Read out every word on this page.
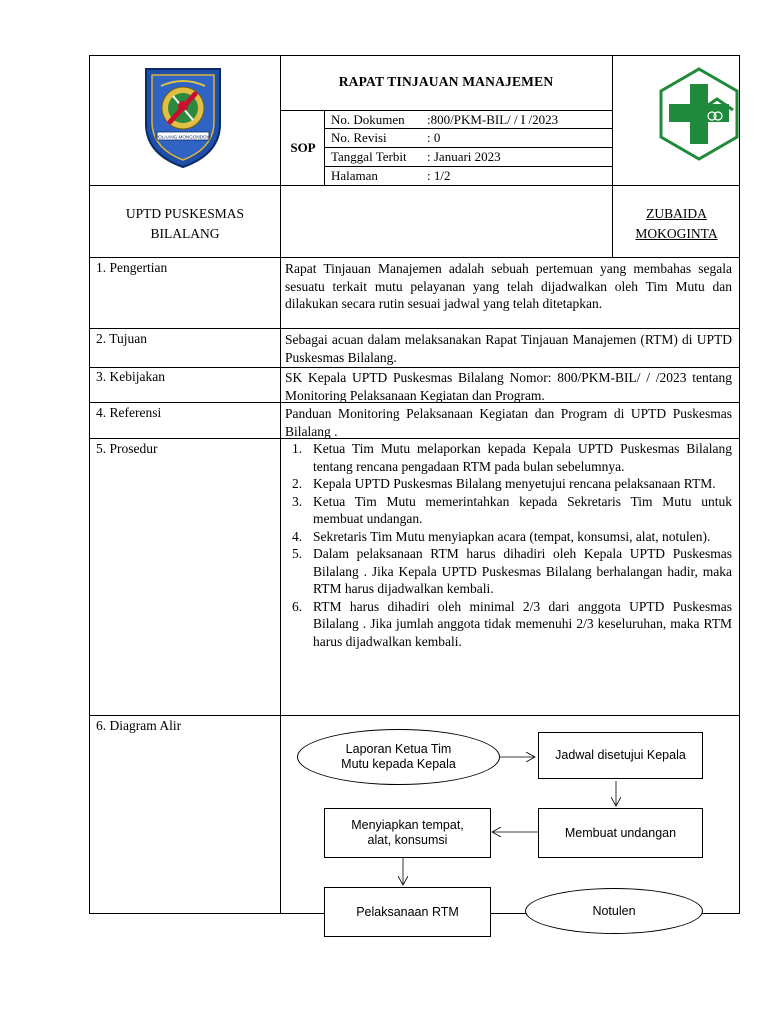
BOLAANG MONGONDOW
RAPAT TINJAUAN MANAJEMEN
SOP
No. Dokumen :800/PKM-BIL/ / I /2023
No. Revisi	: 0
Tanggal Terbit : Januari 2023
Halaman	: 1/2
UPTD PUSKESMAS
BILALANG
ZUBAIDA
MOKOGINTA
1. Pengertian	Rapat Tinjauan Manajemen adalah sebuah pertemuan yang membahas segala sesuatu terkait mutu pelayanan yang telah dijadwalkan oleh Tim Mutu dan dilakukan secara rutin sesuai jadwal yang telah ditetapkan.
2. Tujuan	Sebagai acuan dalam melaksanakan Rapat Tinjauan Manajemen (RTM) di UPTD Puskesmas Bilalang.
3. Kebijakan	SK Kepala UPTD Puskesmas Bilalang Nomor: 800/PKM-BIL/ / /2023 tentang Monitoring Pelaksanaan Kegiatan dan Program.
4. Referensi	Panduan Monitoring Pelaksanaan Kegiatan dan Program di UPTD Puskesmas Bilalang .
5. Prosedur	1. Ketua Tim Mutu melaporkan kepada Kepala UPTD Puskesmas Bilalang tentang rencana pengadaan RTM pada bulan sebelumnya.
2. Kepala UPTD Puskesmas Bilalang menyetujui rencana pelaksanaan RTM.
3. Ketua Tim Mutu memerintahkan kepada Sekretaris Tim Mutu untuk membuat undangan.
4. Sekretaris Tim Mutu menyiapkan acara (tempat, konsumsi, alat, notulen).
5. Dalam pelaksanaan RTM harus dihadiri oleh Kepala UPTD Puskesmas Bilalang . Jika Kepala UPTD Puskesmas Bilalang berhalangan hadir, maka RTM harus dijadwalkan kembali.
6. RTM harus dihadiri oleh minimal 2/3 dari anggota UPTD Puskesmas Bilalang . Jika jumlah anggota tidak memenuhi 2/3 keseluruhan, maka RTM harus dijadwalkan kembali.
6. Diagram Alir
Laporan Ketua Tim
Mutu kepada Kepala
Jadwal disetujui Kepala
Membuat undangan
Menyiapkan tempat,
alat, konsumsi
Pelaksanaan RTM	Notulen
